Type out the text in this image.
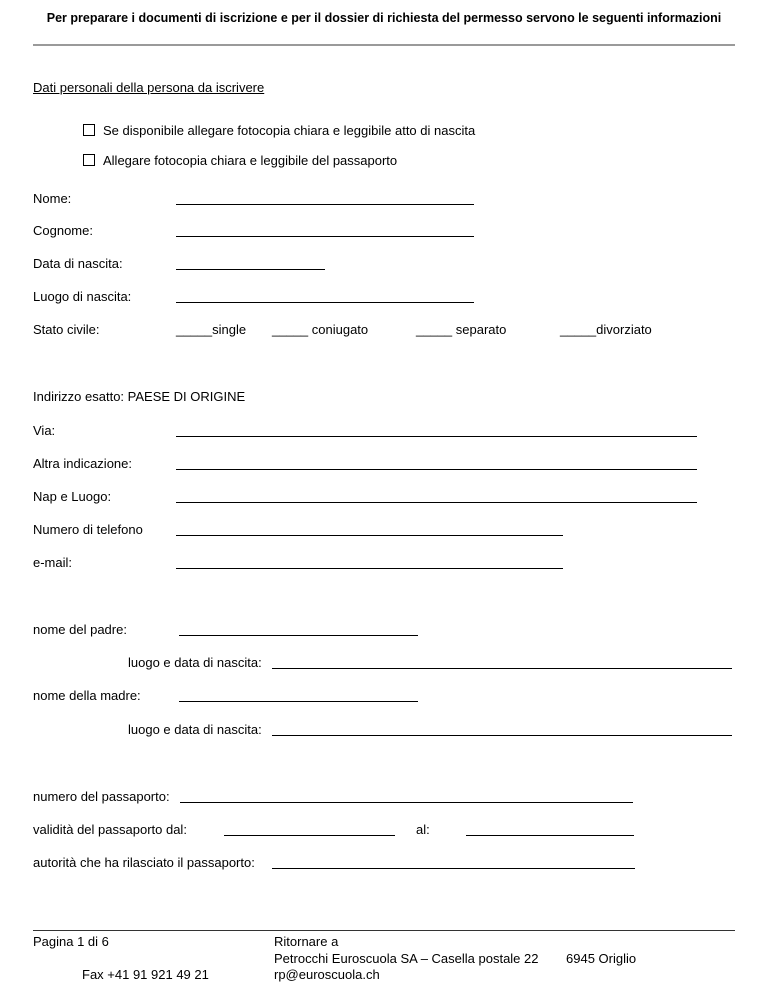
Per preparare i documenti di iscrizione e per il dossier di richiesta del permesso servono le seguenti informazioni
Dati personali della persona da iscrivere
Se disponibile allegare fotocopia chiara e leggibile atto di nascita
Allegare fotocopia chiara e leggibile del passaporto
Nome:
Cognome:
Data di nascita:
Luogo di nascita:
Stato civile:	_____single _____ coniugato	_____ separato	_____divorziato
Indirizzo esatto: PAESE DI ORIGINE
Via:
Altra indicazione:
Nap e Luogo:
Numero di telefono
e-mail:
nome del padre:
luogo e data di nascita:
nome della madre:
luogo e data di nascita:
numero del passaporto:
validità del passaporto dal:	al:
autorità che ha rilasciato il passaporto:
Pagina 1 di 6
Fax +41 91 921 49 21
Ritornare a
Petrocchi Euroscuola SA – Casella postale 22 6945 Origlio
rp@euroscuola.ch
